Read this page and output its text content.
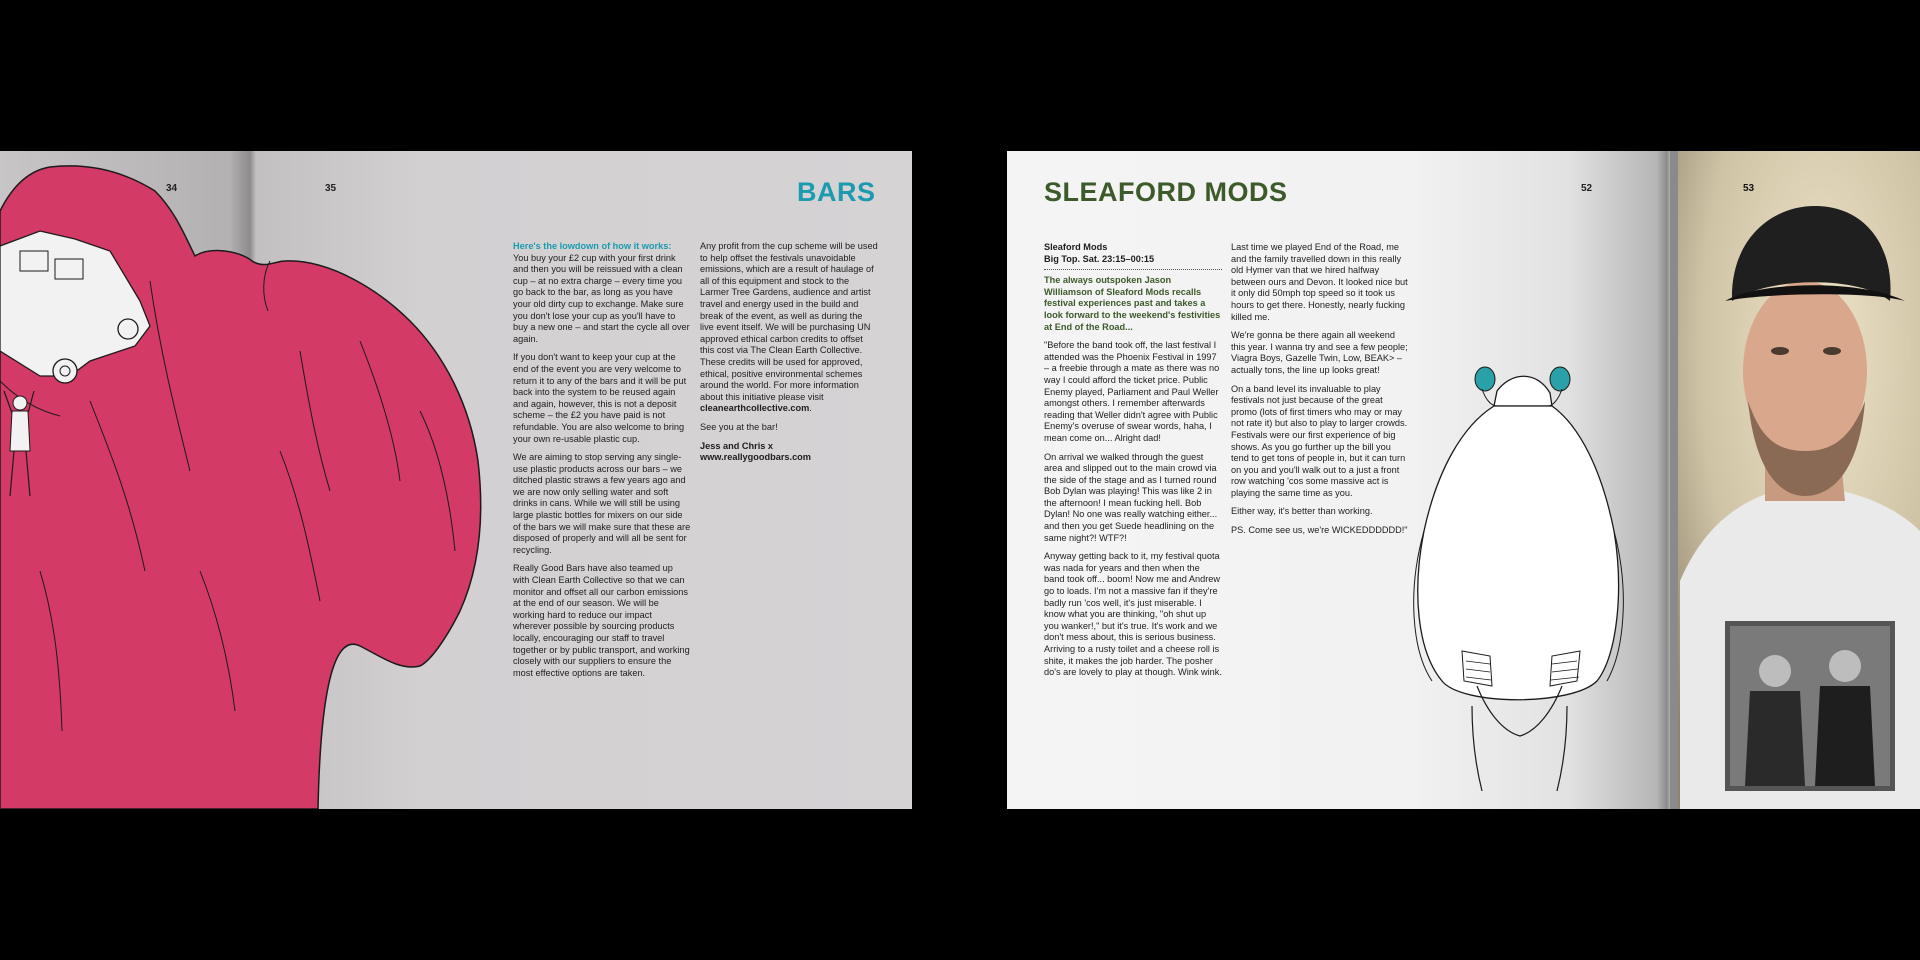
34	35	BARS

Here's the lowdown of how it works:
You buy your £2 cup with your first drink and then you will be reissued with a clean cup – at no extra charge – every time you go back to the bar, as long as you have your old dirty cup to exchange. Make sure you don't lose your cup as you'll have to buy a new one – and start the cycle all over again.

If you don't want to keep your cup at the end of the event you are very welcome to return it to any of the bars and it will be put back into the system to be reused again and again, however, this is not a deposit scheme – the £2 you have paid is not refundable. You are also welcome to bring your own re-usable plastic cup.

We are aiming to stop serving any single-use plastic products across our bars – we ditched plastic straws a few years ago and we are now only selling water and soft drinks in cans. While we will still be using large plastic bottles for mixers on our side of the bars we will make sure that these are disposed of properly and will all be sent for recycling.

Really Good Bars have also teamed up with Clean Earth Collective so that we can monitor and offset all our carbon emissions at the end of our season. We will be working hard to reduce our impact wherever possible by sourcing products locally, encouraging our staff to travel together or by public transport, and working closely with our suppliers to ensure the most effective options are taken.

Any profit from the cup scheme will be used to help offset the festivals unavoidable emissions, which are a result of haulage of all of this equipment and stock to the Larmer Tree Gardens, audience and artist travel and energy used in the build and break of the event, as well as during the live event itself. We will be purchasing UN approved ethical carbon credits to offset this cost via The Clean Earth Collective. These credits will be used for approved, ethical, positive environmental schemes around the world. For more information about this initiative please visit cleanearthcollective.com.

See you at the bar!

Jess and Chris x
www.reallygoodbars.com

SLEAFORD MODS	52

Sleaford Mods
Big Top. Sat. 23:15–00:15

The always outspoken Jason Williamson of Sleaford Mods recalls festival experiences past and takes a look forward to the weekend's festivities at End of the Road...

"Before the band took off, the last festival I attended was the Phoenix Festival in 1997 – a freebie through a mate as there was no way I could afford the ticket price. Public Enemy played, Parliament and Paul Weller amongst others. I remember afterwards reading that Weller didn't agree with Public Enemy's overuse of swear words, haha, I mean come on... Alright dad!

On arrival we walked through the guest area and slipped out to the main crowd via the side of the stage and as I turned round Bob Dylan was playing! This was like 2 in the afternoon! I mean fucking hell. Bob Dylan! No one was really watching either... and then you get Suede headlining on the same night?! WTF?!

Anyway getting back to it, my festival quota was nada for years and then when the band took off... boom! Now me and Andrew go to loads. I'm not a massive fan if they're badly run 'cos well, it's just miserable. I know what you are thinking, "oh shut up you wanker!," but it's true. It's work and we don't mess about, this is serious business. Arriving to a rusty toilet and a cheese roll is shite, it makes the job harder. The posher do's are lovely to play at though. Wink wink.

Last time we played End of the Road, me and the family travelled down in this really old Hymer van that we hired halfway between ours and Devon. It looked nice but it only did 50mph top speed so it took us hours to get there. Honestly, nearly fucking killed me.

We're gonna be there again all weekend this year. I wanna try and see a few people; Viagra Boys, Gazelle Twin, Low, BEAK> – actually tons, the line up looks great!

On a band level its invaluable to play festivals not just because of the great promo (lots of first timers who may or may not rate it) but also to play to larger crowds. Festivals were our first experience of big shows. As you go further up the bill you tend to get tons of people in, but it can turn on you and you'll walk out to a just a front row watching 'cos some massive act is playing the same time as you.

Either way, it's better than working.

PS. Come see us, we're WICKEDDDDDD!"

53
